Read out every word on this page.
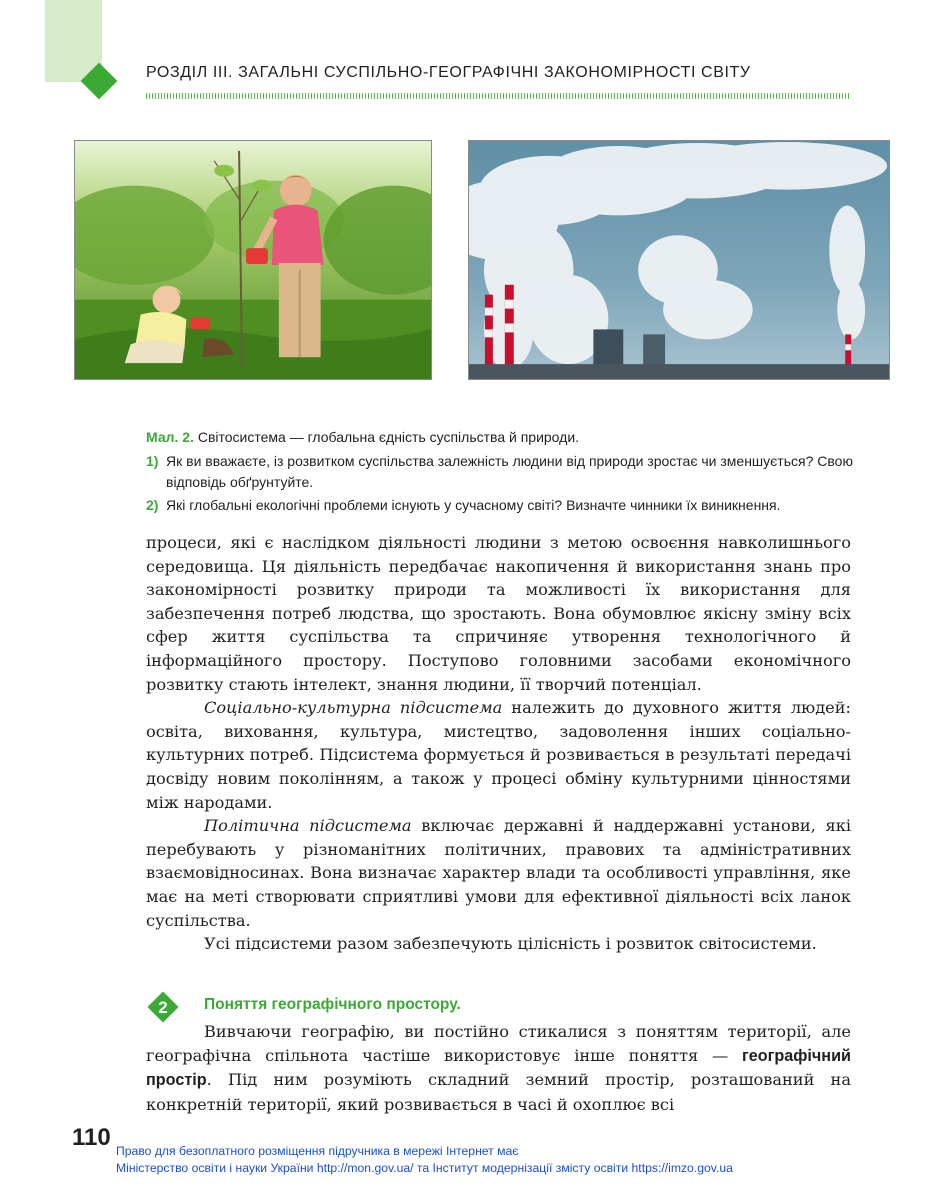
РОЗДІЛ III. ЗАГАЛЬНІ СУСПІЛЬНО-ГЕОГРАФІЧНІ ЗАКОНОМІРНОСТІ СВІТУ
Мал. 2. Світосистема — глобальна єдність суспільства й природи.
1) Як ви вважаєте, із розвитком суспільства залежність людини від природи зростає чи зменшується? Свою відповідь обґрунтуйте.
2) Які глобальні екологічні проблеми існують у сучасному світі? Визначте чинники їх виникнення.

процеси, які є наслідком діяльності людини з метою освоєння навколишнього середовища. Ця діяльність передбачає накопичення й використання знань про закономірності розвитку природи та можливості їх використання для забезпечення потреб людства, що зростають. Вона обумовлює якісну зміну всіх сфер життя суспільства та спричиняє утворення технологічного й інформаційного простору. Поступово головними засобами економічного розвитку стають інтелект, знання людини, її творчий потенціал.

Соціально-культурна підсистема належить до духовного життя людей: освіта, виховання, культура, мистецтво, задоволення інших соціально-культурних потреб. Підсистема формується й розвивається в результаті передачі досвіду новим поколінням, а також у процесі обміну культурними цінностями між народами.

Політична підсистема включає державні й наддержавні установи, які перебувають у різноманітних політичних, правових та адміністративних взаємовідносинах. Вона визначає характер влади та особливості управління, яке має на меті створювати сприятливі умови для ефективної діяльності всіх ланок суспільства.

Усі підсистеми разом забезпечують цілісність і розвиток світосистеми.

2	Поняття географічного простору.

Вивчаючи географію, ви постійно стикалися з поняттям території, але географічна спільнота частіше використовує інше поняття — географічний простір. Під ним розуміють складний земний простір, розташований на конкретній території, який розвивається в часі й охоплює всі

110 Право для безоплатного розміщення підручника в мережі Інтернет має
Міністерство освіти і науки України http://mon.gov.ua/ та Інститут модернізації змісту освіти https://imzo.gov.ua
